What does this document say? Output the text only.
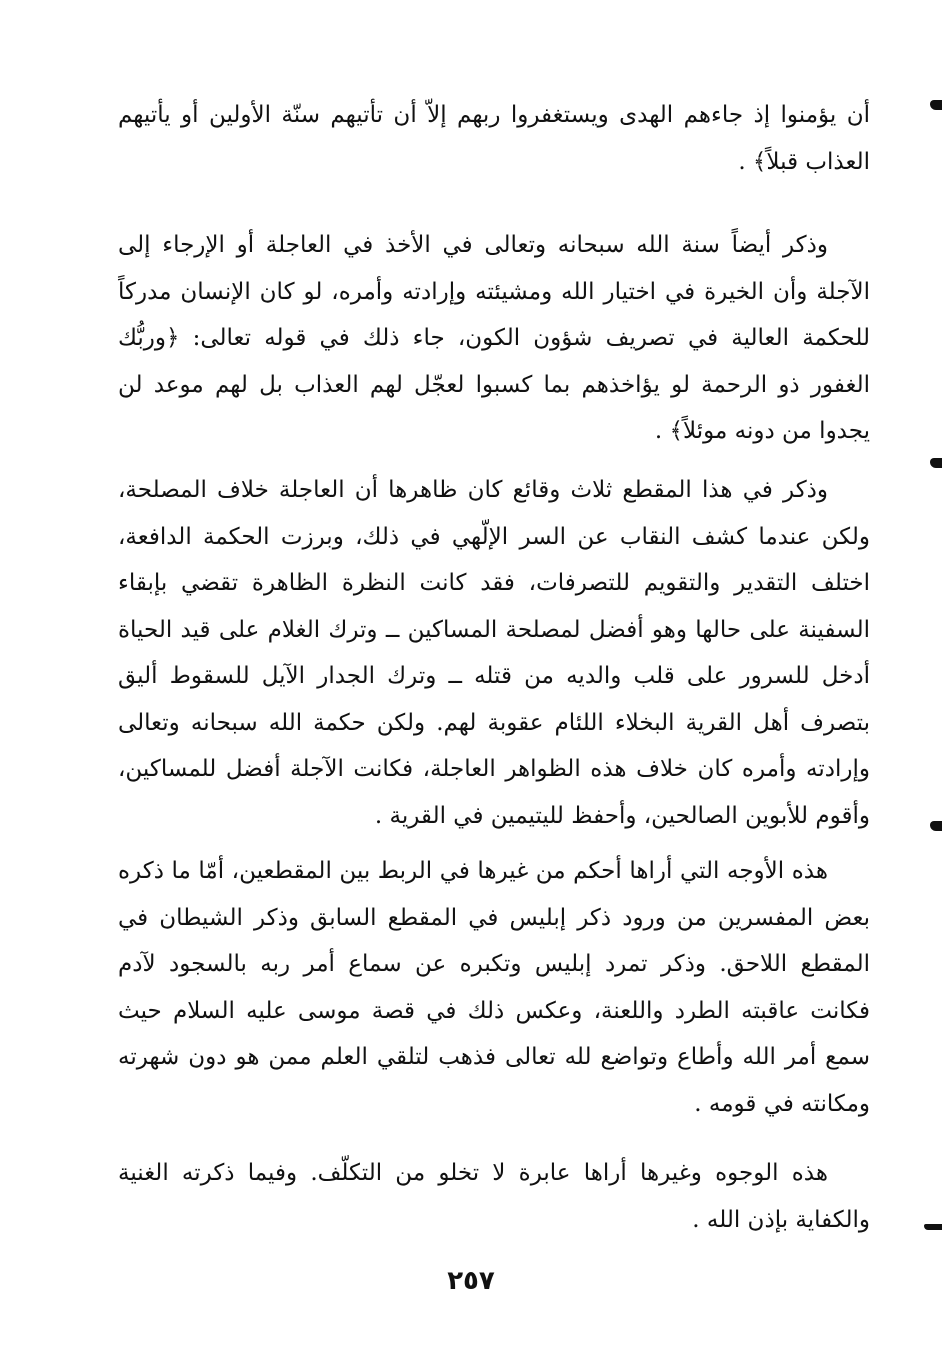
أن يؤمنوا إذ جاءهم الهدى ويستغفروا ربهم إلاّ أن تأتيهم سنّة الأولين أو يأتيهم العذاب قبلاً﴾ .

وذكر أيضاً سنة الله سبحانه وتعالى في الأخذ في العاجلة أو الإرجاء إلى الآجلة وأن الخيرة في اختيار الله ومشيئته وإرادته وأمره، لو كان الإنسان مدركاً للحكمة العالية في تصريف شؤون الكون، جاء ذلك في قوله تعالى: ﴿وربُّك الغفور ذو الرحمة لو يؤاخذهم بما كسبوا لعجّل لهم العذاب بل لهم موعد لن يجدوا من دونه موئلاً﴾ .

وذكر في هذا المقطع ثلاث وقائع كان ظاهرها أن العاجلة خلاف المصلحة، ولكن عندما كشف النقاب عن السر الإلّهي في ذلك، وبرزت الحكمة الدافعة، اختلف التقدير والتقويم للتصرفات، فقد كانت النظرة الظاهرة تقضي بإبقاء السفينة على حالها وهو أفضل لمصلحة المساكين ــ وترك الغلام على قيد الحياة أدخل للسرور على قلب والديه من قتله ــ وترك الجدار الآيل للسقوط أليق بتصرف أهل القرية البخلاء اللئام عقوبة لهم. ولكن حكمة الله سبحانه وتعالى وإرادته وأمره كان خلاف هذه الظواهر العاجلة، فكانت الآجلة أفضل للمساكين، وأقوم للأبوين الصالحين، وأحفظ لليتيمين في القرية .

هذه الأوجه التي أراها أحكم من غيرها في الربط بين المقطعين، أمّا ما ذكره بعض المفسرين من ورود ذكر إبليس في المقطع السابق وذكر الشيطان في المقطع اللاحق. وذكر تمرد إبليس وتكبره عن سماع أمر ربه بالسجود لآدم فكانت عاقبته الطرد واللعنة، وعكس ذلك في قصة موسى عليه السلام حيث سمع أمر الله وأطاع وتواضع لله تعالى فذهب لتلقي العلم ممن هو دون شهرته ومكانته في قومه .

هذه الوجوه وغيرها أراها عابرة لا تخلو من التكلّف. وفيما ذكرته الغنية والكفاية بإذن الله .

٢٥٧
